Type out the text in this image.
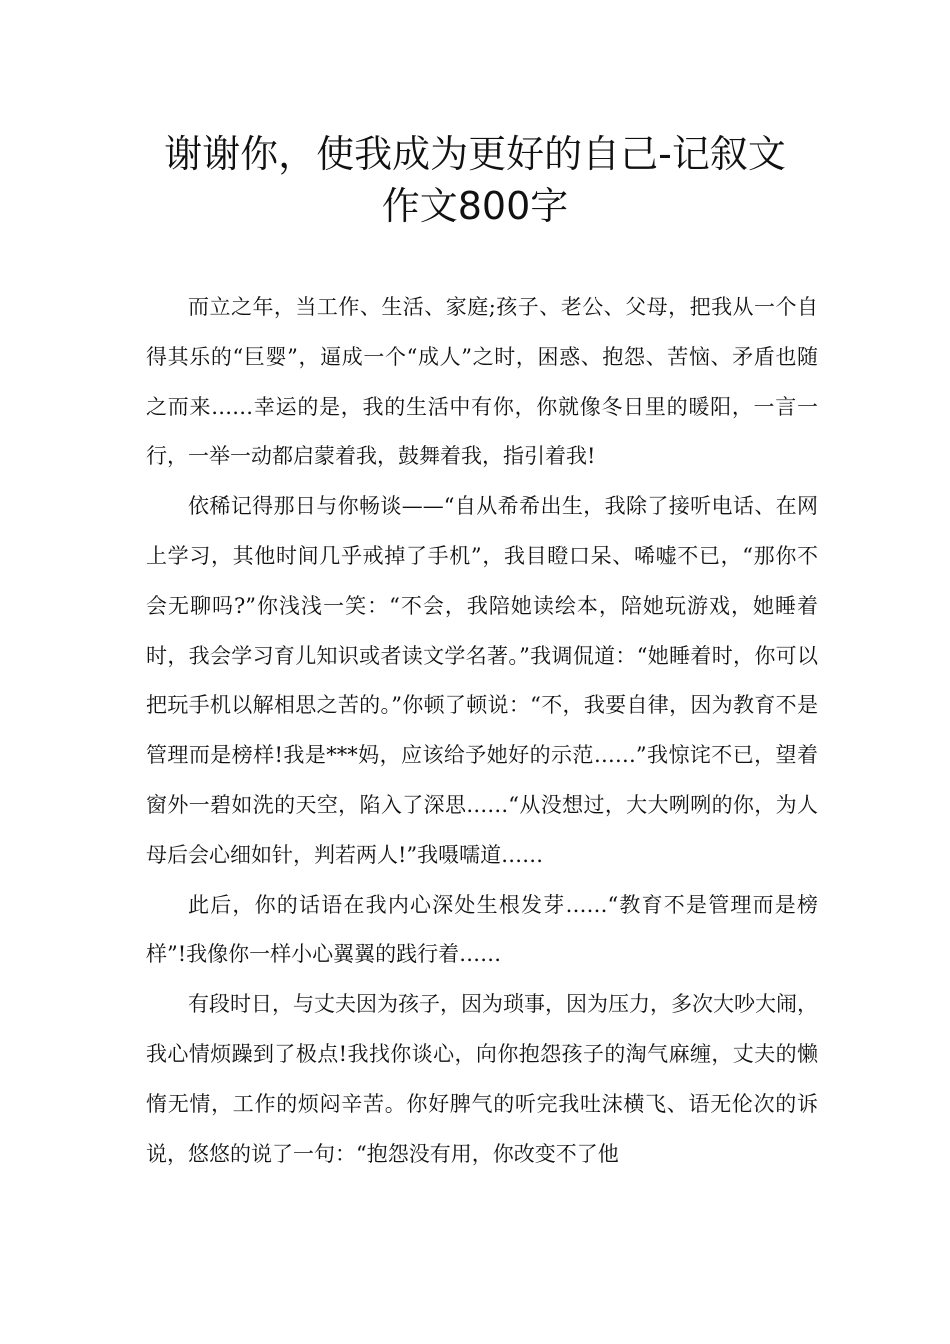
谢谢你，使我成为更好的自己-记叙文
作文800字

而立之年，当工作、生活、家庭;孩子、老公、父母，把我从一个自得其乐的“巨婴”，逼成一个“成人”之时，困惑、抱怨、苦恼、矛盾也随之而来……幸运的是，我的生活中有你，你就像冬日里的暖阳，一言一行，一举一动都启蒙着我，鼓舞着我，指引着我!

依稀记得那日与你畅谈——“自从希希出生，我除了接听电话、在网上学习，其他时间几乎戒掉了手机”，我目瞪口呆、唏嘘不已，“那你不会无聊吗?”你浅浅一笑：“不会，我陪她读绘本，陪她玩游戏，她睡着时，我会学习育儿知识或者读文学名著。”我调侃道：“她睡着时，你可以把玩手机以解相思之苦的。”你顿了顿说：“不，我要自律，因为教育不是管理而是榜样!我是***妈，应该给予她好的示范……”我惊诧不已，望着窗外一碧如洗的天空，陷入了深思……“从没想过，大大咧咧的你，为人母后会心细如针，判若两人!”我嗫嚅道……

此后，你的话语在我内心深处生根发芽……“教育不是管理而是榜样”!我像你一样小心翼翼的践行着……

有段时日，与丈夫因为孩子，因为琐事，因为压力，多次大吵大闹，我心情烦躁到了极点!我找你谈心，向你抱怨孩子的淘气麻缠，丈夫的懒惰无情，工作的烦闷辛苦。你好脾气的听完我吐沫横飞、语无伦次的诉说，悠悠的说了一句：“抱怨没有用，你改变不了他
